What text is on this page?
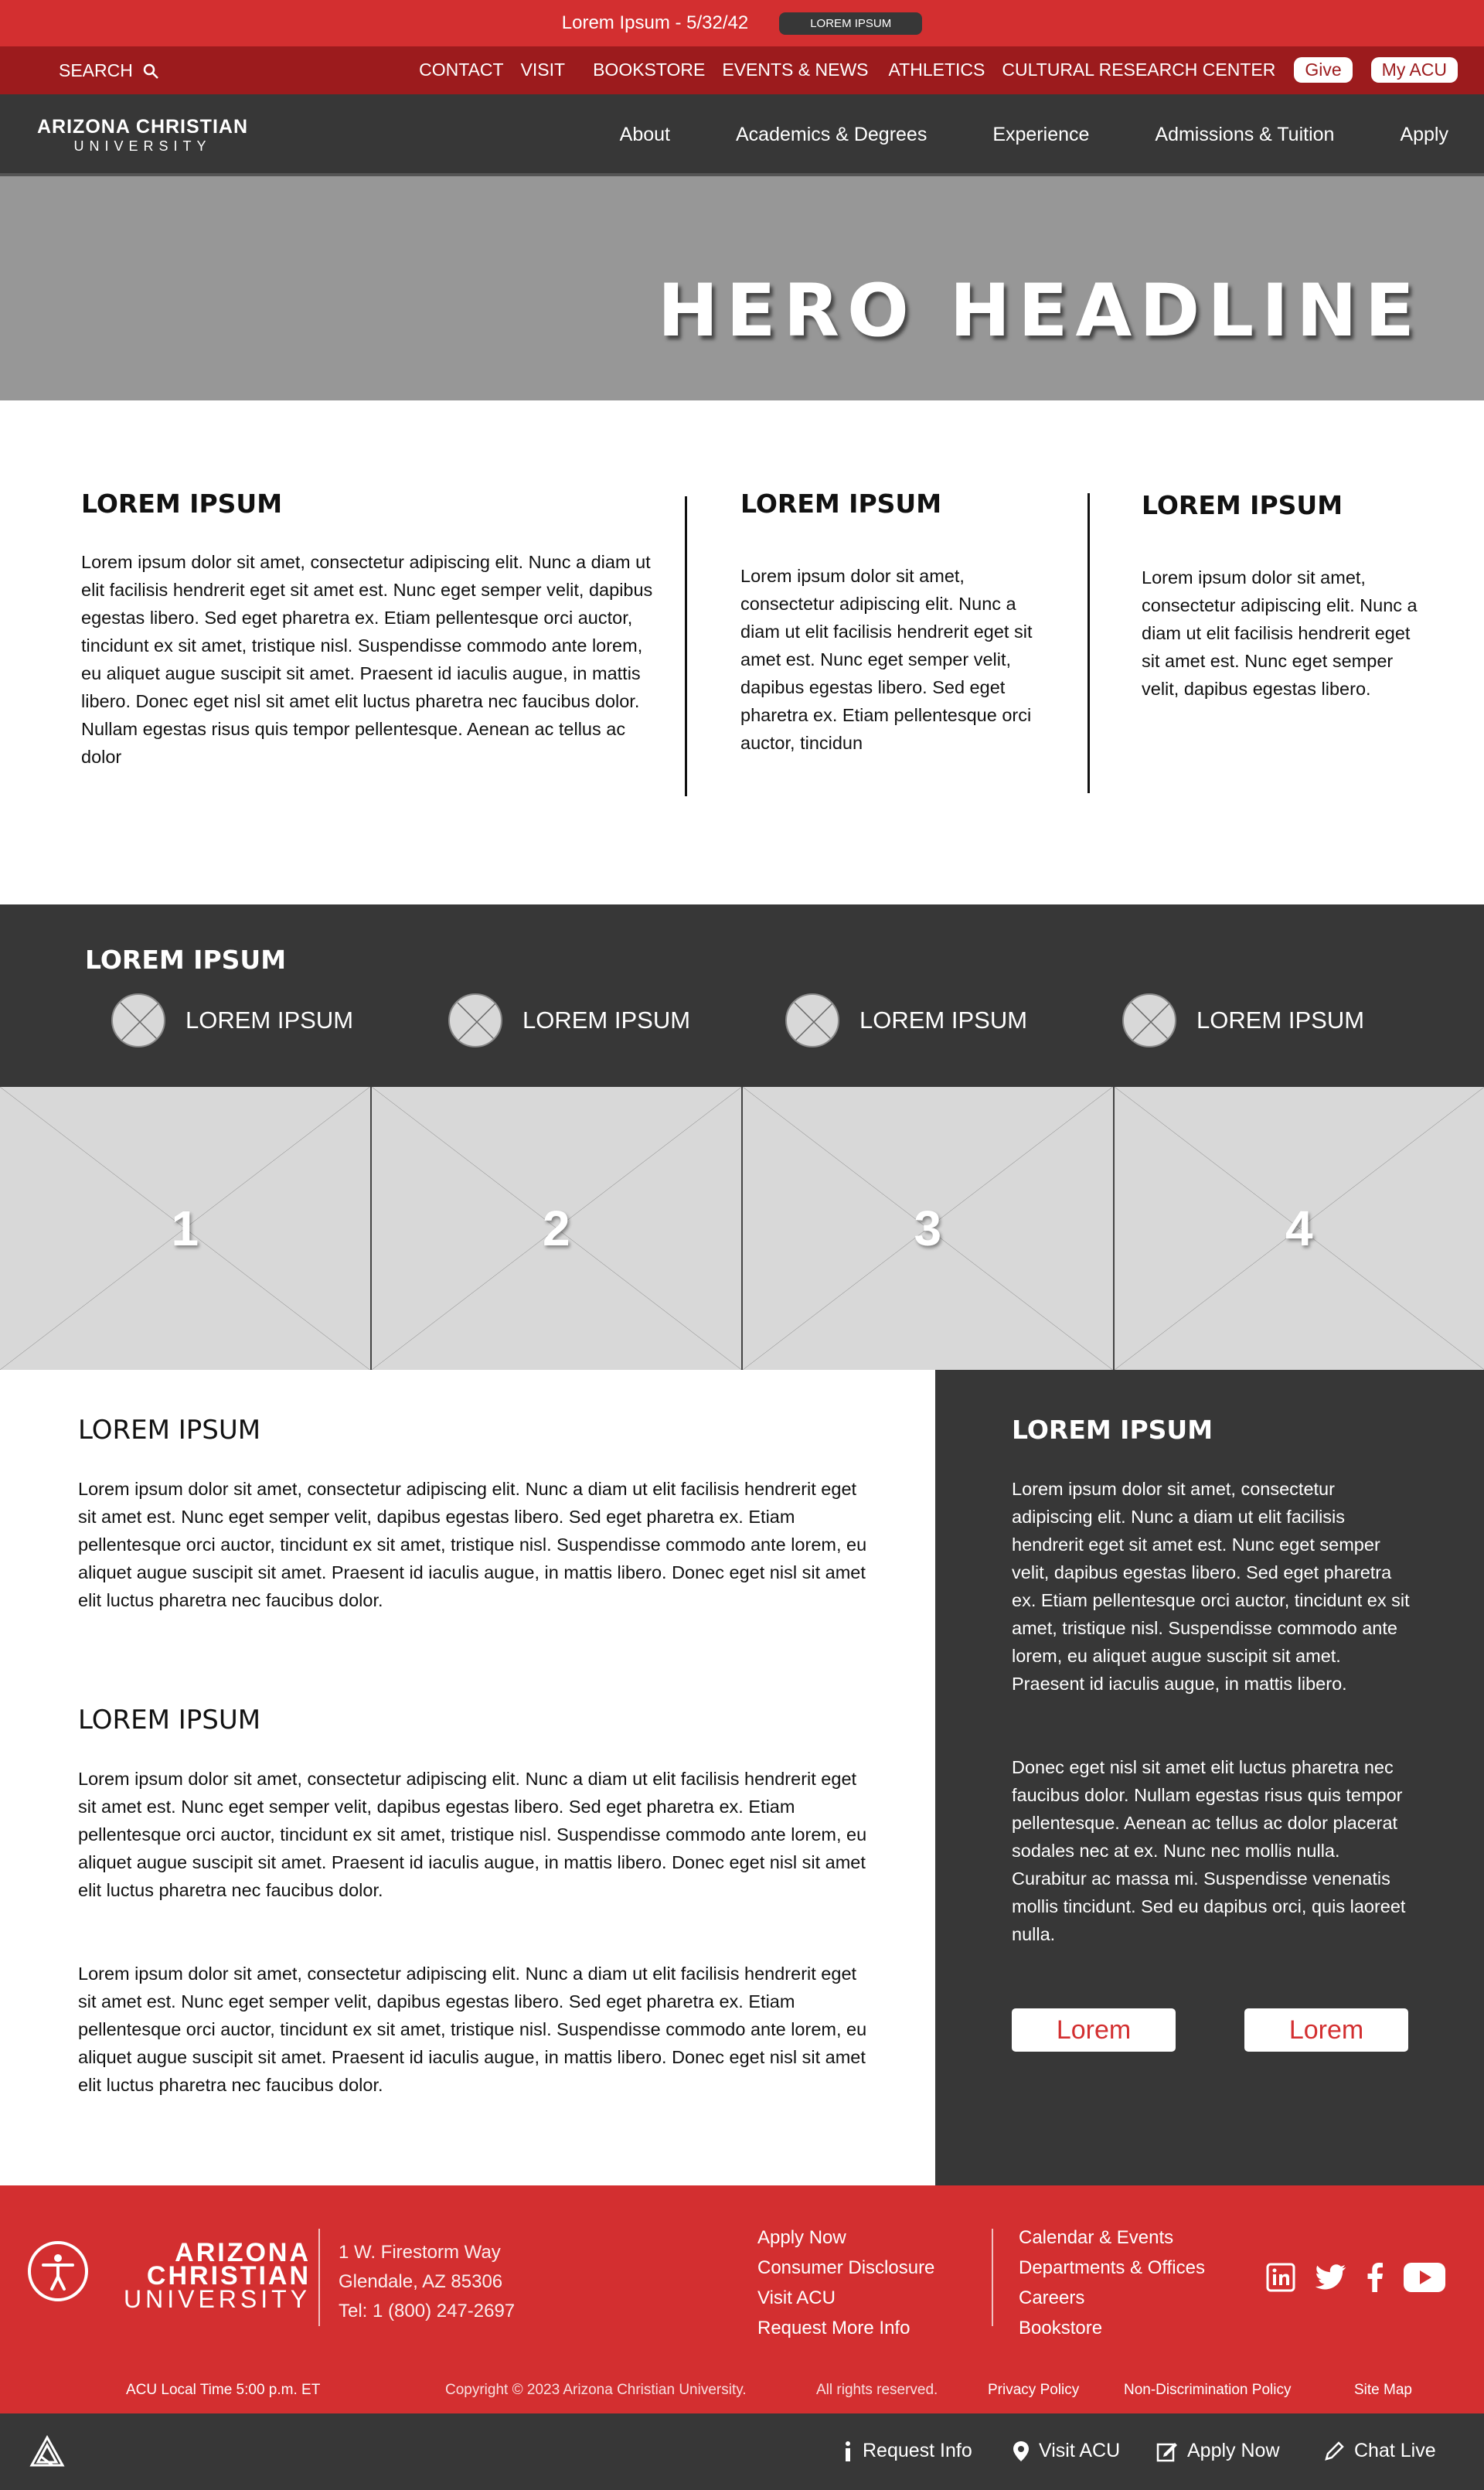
Lorem Ipsum - 5/32/42	LOREM IPSUM
SEARCH	CONTACT VISIT BOOKSTORE EVENTS & NEWS ATHLETICS CULTURAL RESEARCH CENTER	Give	My ACU
ARIZONA CHRISTIAN
UNIVERSITY
About	Academics & Degrees	Experience	Admissions & Tuition	Apply
HERO HEADLINE
LOREM IPSUM

Lorem ipsum dolor sit amet, consectetur adipiscing elit. Nunc a diam ut elit facilisis hendrerit eget sit amet est. Nunc eget semper velit, dapibus egestas libero. Sed eget pharetra ex. Etiam pellentesque orci auctor, tincidunt ex sit amet, tristique nisl. Suspendisse commodo ante lorem, eu aliquet augue suscipit sit amet. Praesent id iaculis augue, in mattis libero. Donec eget nisl sit amet elit luctus pharetra nec faucibus dolor. Nullam egestas risus quis tempor pellentesque. Aenean ac tellus ac dolor

LOREM IPSUM

Lorem ipsum dolor sit amet, consectetur adipiscing elit. Nunc a diam ut elit facilisis hendrerit eget sit amet est. Nunc eget semper velit, dapibus egestas libero. Sed eget pharetra ex. Etiam pellentesque orci auctor, tincidun

LOREM IPSUM

Lorem ipsum dolor sit amet, consectetur adipiscing elit. Nunc a diam ut elit facilisis hendrerit eget sit amet est. Nunc eget semper velit, dapibus egestas libero.

LOREM IPSUM
LOREM IPSUM	LOREM IPSUM	LOREM IPSUM	LOREM IPSUM
1	2	3	4
LOREM IPSUM

Lorem ipsum dolor sit amet, consectetur adipiscing elit. Nunc a diam ut elit facilisis hendrerit eget sit amet est. Nunc eget semper velit, dapibus egestas libero. Sed eget pharetra ex. Etiam pellentesque orci auctor, tincidunt ex sit amet, tristique nisl. Suspendisse commodo ante lorem, eu aliquet augue suscipit sit amet. Praesent id iaculis augue, in mattis libero. Donec eget nisl sit amet elit luctus pharetra nec faucibus dolor.

LOREM IPSUM

Lorem ipsum dolor sit amet, consectetur adipiscing elit. Nunc a diam ut elit facilisis hendrerit eget sit amet est. Nunc eget semper velit, dapibus egestas libero. Sed eget pharetra ex. Etiam pellentesque orci auctor, tincidunt ex sit amet, tristique nisl. Suspendisse commodo ante lorem, eu aliquet augue suscipit sit amet. Praesent id iaculis augue, in mattis libero. Donec eget nisl sit amet elit luctus pharetra nec faucibus dolor.

Lorem ipsum dolor sit amet, consectetur adipiscing elit. Nunc a diam ut elit facilisis hendrerit eget sit amet est. Nunc eget semper velit, dapibus egestas libero. Sed eget pharetra ex. Etiam pellentesque orci auctor, tincidunt ex sit amet, tristique nisl. Suspendisse commodo ante lorem, eu aliquet augue suscipit sit amet. Praesent id iaculis augue, in mattis libero. Donec eget nisl sit amet elit luctus pharetra nec faucibus dolor.

LOREM IPSUM

Lorem ipsum dolor sit amet, consectetur adipiscing elit. Nunc a diam ut elit facilisis hendrerit eget sit amet est. Nunc eget semper velit, dapibus egestas libero. Sed eget pharetra ex. Etiam pellentesque orci auctor, tincidunt ex sit amet, tristique nisl. Suspendisse commodo ante lorem, eu aliquet augue suscipit sit amet. Praesent id iaculis augue, in mattis libero.

Donec eget nisl sit amet elit luctus pharetra nec faucibus dolor. Nullam egestas risus quis tempor pellentesque. Aenean ac tellus ac dolor placerat sodales nec at ex. Nunc nec mollis nulla. Curabitur ac massa mi. Suspendisse venenatis mollis tincidunt. Sed eu dapibus orci, quis laoreet nulla.

Lorem	Lorem
ARIZONA
CHRISTIAN
UNIVERSITY
1 W. Firestorm Way
Glendale, AZ 85306
Tel: 1 (800) 247-2697
Apply Now
Consumer Disclosure
Visit ACU
Request More Info
Calendar & Events
Departments & Offices
Careers
Bookstore
ACU Local Time 5:00 p.m. ET	Copyright © 2023 Arizona Christian University.	All rights reserved.	Privacy Policy	Non-Discrimination Policy	Site Map
Request Info	Visit ACU	Apply Now	Chat Live
